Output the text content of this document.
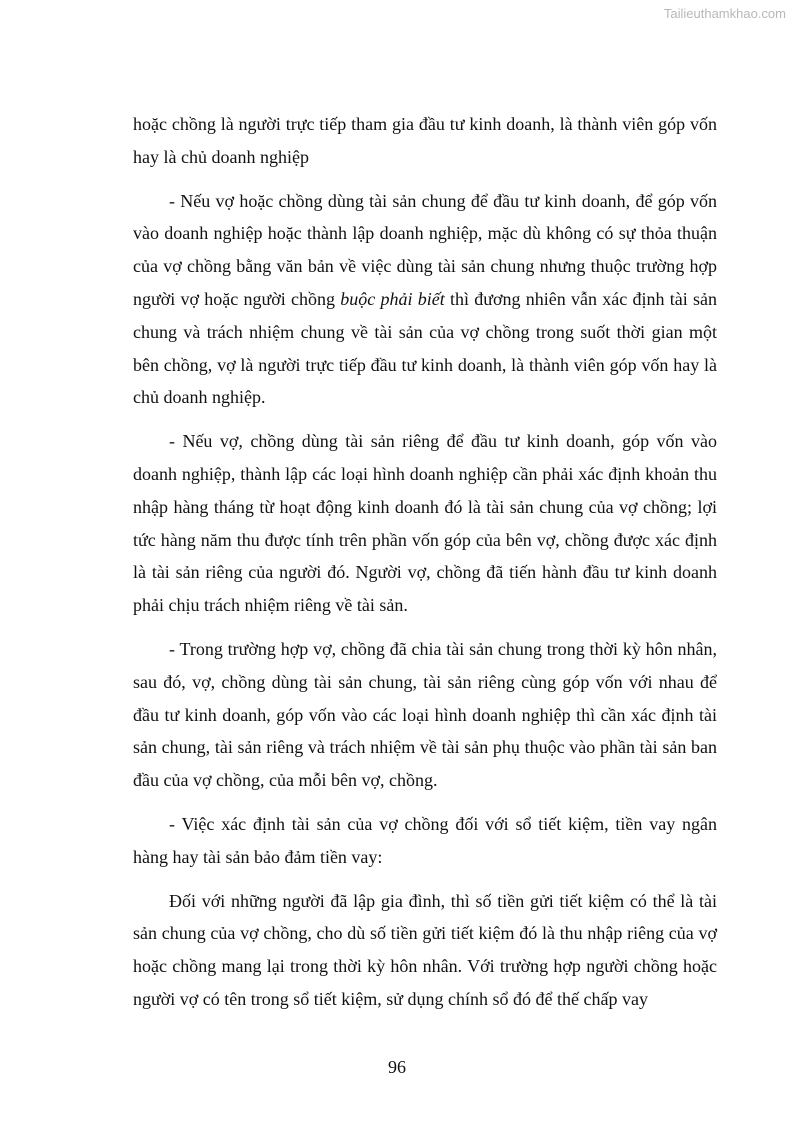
Tailieuthamkhao.com

hoặc chồng là người trực tiếp tham gia đầu tư kinh doanh, là thành viên góp vốn hay là chủ doanh nghiệp

- Nếu vợ hoặc chồng dùng tài sản chung để đầu tư kinh doanh, để góp vốn vào doanh nghiệp hoặc thành lập doanh nghiệp, mặc dù không có sự thỏa thuận của vợ chồng bằng văn bản về việc dùng tài sản chung nhưng thuộc trường hợp người vợ hoặc người chồng buộc phải biết thì đương nhiên vẫn xác định tài sản chung và trách nhiệm chung về tài sản của vợ chồng trong suốt thời gian một bên chồng, vợ là người trực tiếp đầu tư kinh doanh, là thành viên góp vốn hay là chủ doanh nghiệp.

- Nếu vợ, chồng dùng tài sản riêng để đầu tư kinh doanh, góp vốn vào doanh nghiệp, thành lập các loại hình doanh nghiệp cần phải xác định khoản thu nhập hàng tháng từ hoạt động kinh doanh đó là tài sản chung của vợ chồng; lợi tức hàng năm thu được tính trên phần vốn góp của bên vợ, chồng được xác định là tài sản riêng của người đó. Người vợ, chồng đã tiến hành đầu tư kinh doanh phải chịu trách nhiệm riêng về tài sản.

- Trong trường hợp vợ, chồng đã chia tài sản chung trong thời kỳ hôn nhân, sau đó, vợ, chồng dùng tài sản chung, tài sản riêng cùng góp vốn với nhau để đầu tư kinh doanh, góp vốn vào các loại hình doanh nghiệp thì cần xác định tài sản chung, tài sản riêng và trách nhiệm về tài sản phụ thuộc vào phần tài sản ban đầu của vợ chồng, của mỗi bên vợ, chồng.

- Việc xác định tài sản của vợ chồng đối với sổ tiết kiệm, tiền vay ngân hàng hay tài sản bảo đảm tiền vay:

Đối với những người đã lập gia đình, thì số tiền gửi tiết kiệm có thể là tài sản chung của vợ chồng, cho dù số tiền gửi tiết kiệm đó là thu nhập riêng của vợ hoặc chồng mang lại trong thời kỳ hôn nhân. Với trường hợp người chồng hoặc người vợ có tên trong sổ tiết kiệm, sử dụng chính sổ đó để thế chấp vay

96
